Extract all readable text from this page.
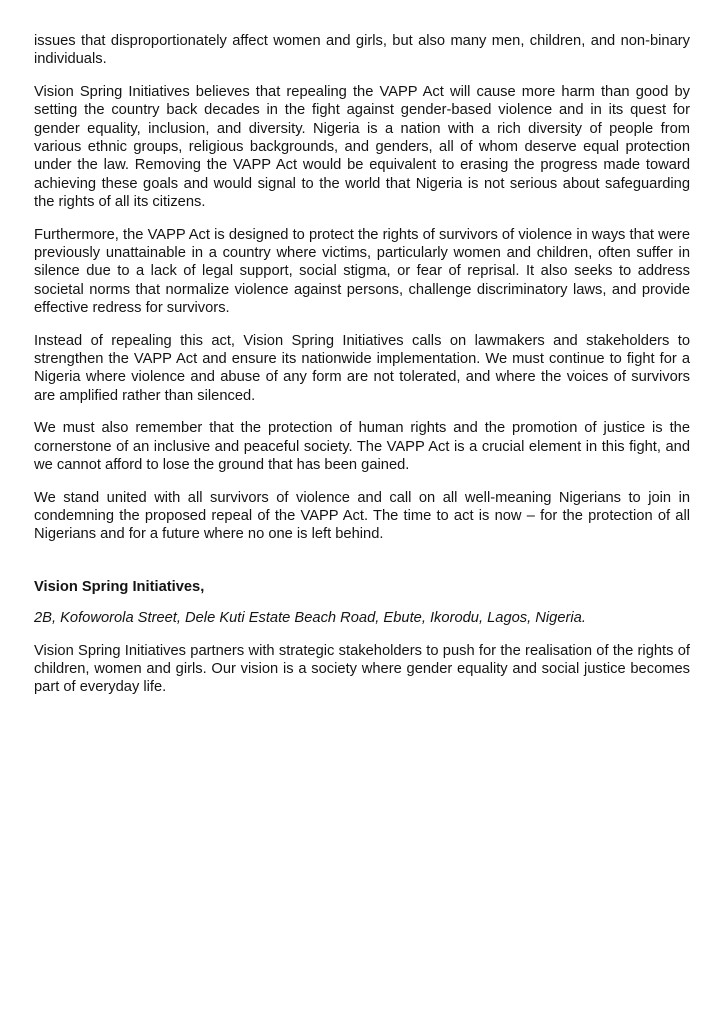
issues that disproportionately affect women and girls, but also many men, children, and non-binary individuals.

Vision Spring Initiatives believes that repealing the VAPP Act will cause more harm than good by setting the country back decades in the fight against gender-based violence and in its quest for gender equality, inclusion, and diversity. Nigeria is a nation with a rich diversity of people from various ethnic groups, religious backgrounds, and genders, all of whom deserve equal protection under the law. Removing the VAPP Act would be equivalent to erasing the progress made toward achieving these goals and would signal to the world that Nigeria is not serious about safeguarding the rights of all its citizens.

Furthermore, the VAPP Act is designed to protect the rights of survivors of violence in ways that were previously unattainable in a country where victims, particularly women and children, often suffer in silence due to a lack of legal support, social stigma, or fear of reprisal. It also seeks to address societal norms that normalize violence against persons, challenge discriminatory laws, and provide effective redress for survivors.

Instead of repealing this act, Vision Spring Initiatives calls on lawmakers and stakeholders to strengthen the VAPP Act and ensure its nationwide implementation. We must continue to fight for a Nigeria where violence and abuse of any form are not tolerated, and where the voices of survivors are amplified rather than silenced.

We must also remember that the protection of human rights and the promotion of justice is the cornerstone of an inclusive and peaceful society. The VAPP Act is a crucial element in this fight, and we cannot afford to lose the ground that has been gained.

We stand united with all survivors of violence and call on all well-meaning Nigerians to join in condemning the proposed repeal of the VAPP Act. The time to act is now – for the protection of all Nigerians and for a future where no one is left behind.

Vision Spring Initiatives,

2B, Kofoworola Street, Dele Kuti Estate Beach Road, Ebute, Ikorodu, Lagos, Nigeria.

Vision Spring Initiatives partners with strategic stakeholders to push for the realisation of the rights of children, women and girls. Our vision is a society where gender equality and social justice becomes part of everyday life.
